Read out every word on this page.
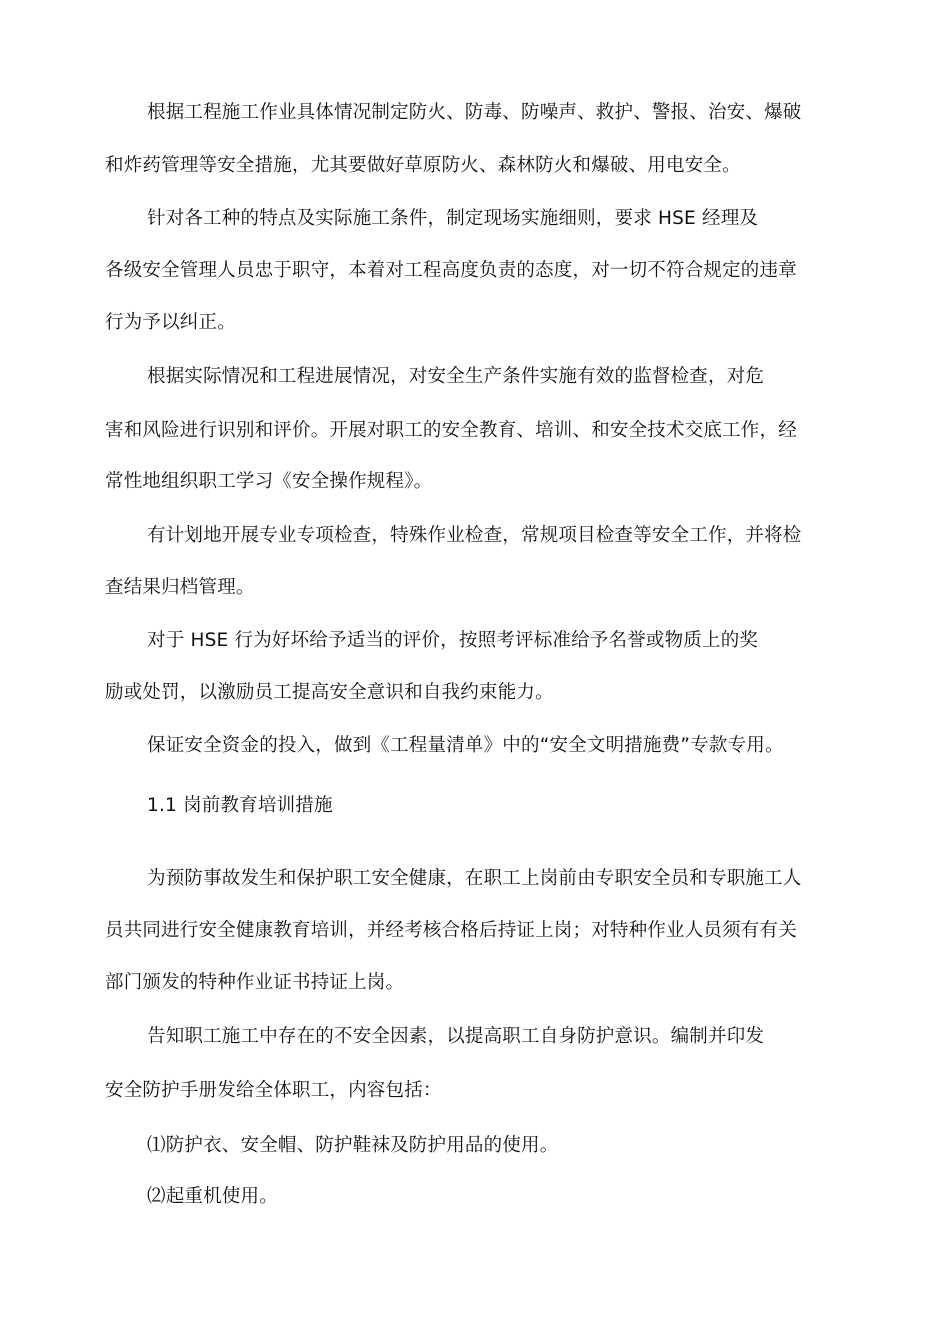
根据工程施工作业具体情况制定防火、防毒、防噪声、救护、警报、治安、爆破
和炸药管理等安全措施，尤其要做好草原防火、森林防火和爆破、用电安全。
针对各工种的特点及实际施工条件，制定现场实施细则，要求 HSE 经理及
各级安全管理人员忠于职守，本着对工程高度负责的态度，对一切不符合规定的违章
行为予以纠正。
根据实际情况和工程进展情况，对安全生产条件实施有效的监督检查，对危
害和风险进行识别和评价。开展对职工的安全教育、培训、和安全技术交底工作，经
常性地组织职工学习《安全操作规程》。
有计划地开展专业专项检查，特殊作业检查，常规项目检查等安全工作，并将检
查结果归档管理。
对于 HSE 行为好坏给予适当的评价，按照考评标准给予名誉或物质上的奖
励或处罚，以激励员工提高安全意识和自我约束能力。
保证安全资金的投入，做到《工程量清单》中的“安全文明措施费”专款专用。
1.1 岗前教育培训措施
为预防事故发生和保护职工安全健康，在职工上岗前由专职安全员和专职施工人
员共同进行安全健康教育培训，并经考核合格后持证上岗；对特种作业人员须有有关
部门颁发的特种作业证书持证上岗。
告知职工施工中存在的不安全因素，以提高职工自身防护意识。编制并印发
安全防护手册发给全体职工，内容包括：
⑴防护衣、安全帽、防护鞋袜及防护用品的使用。
⑵起重机使用。
